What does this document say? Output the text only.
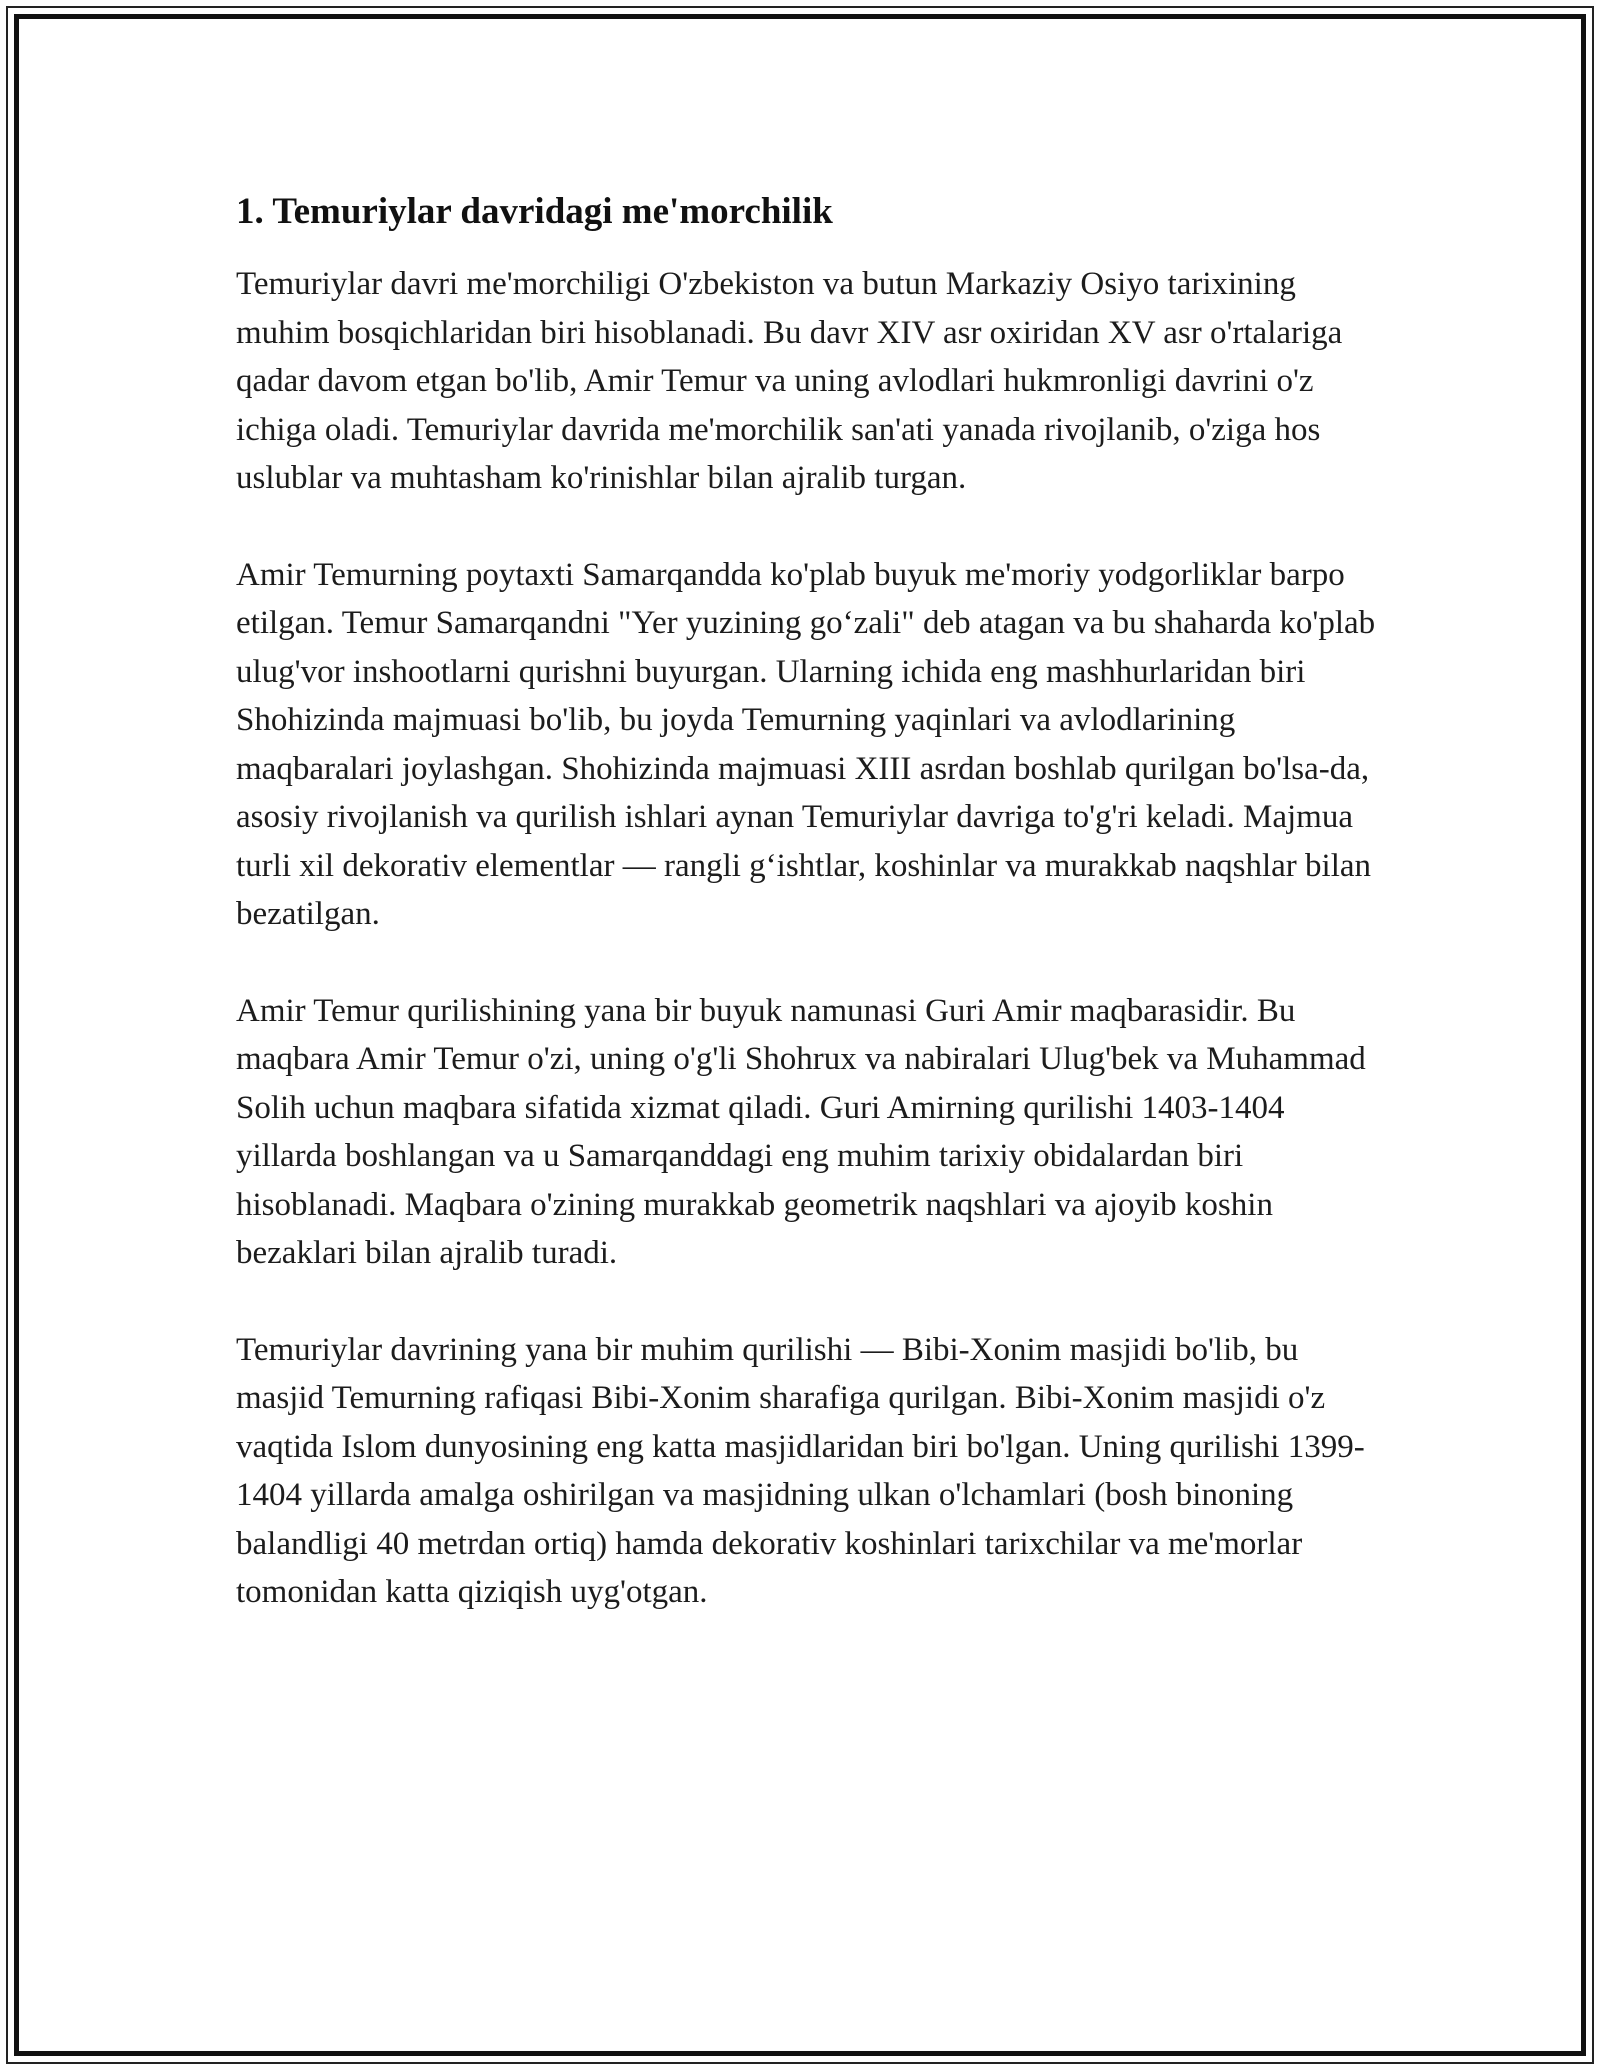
1. Temuriylar davridagi me'morchilik

Temuriylar davri me'morchiligi O'zbekiston va butun Markaziy Osiyo tarixining muhim bosqichlaridan biri hisoblanadi. Bu davr XIV asr oxiridan XV asr o'rtalariga qadar davom etgan bo'lib, Amir Temur va uning avlodlari hukmronligi davrini o'z ichiga oladi. Temuriylar davrida me'morchilik san'ati yanada rivojlanib, o'ziga hos uslublar va muhtasham ko'rinishlar bilan ajralib turgan.

Amir Temurning poytaxti Samarqandda ko'plab buyuk me'moriy yodgorliklar barpo etilgan. Temur Samarqandni "Yer yuzining go‘zali" deb atagan va bu shaharda ko'plab ulug'vor inshootlarni qurishni buyurgan. Ularning ichida eng mashhurlaridan biri Shohizinda majmuasi bo'lib, bu joyda Temurning yaqinlari va avlodlarining maqbaralari joylashgan. Shohizinda majmuasi XIII asrdan boshlab qurilgan bo'lsa-da, asosiy rivojlanish va qurilish ishlari aynan Temuriylar davriga to'g'ri keladi. Majmua turli xil dekorativ elementlar — rangli g‘ishtlar, koshinlar va murakkab naqshlar bilan bezatilgan.

Amir Temur qurilishining yana bir buyuk namunasi Guri Amir maqbarasidir. Bu maqbara Amir Temur o'zi, uning o'g'li Shohrux va nabiralari Ulug'bek va Muhammad Solih uchun maqbara sifatida xizmat qiladi. Guri Amirning qurilishi 1403-1404 yillarda boshlangan va u Samarqanddagi eng muhim tarixiy obidalardan biri hisoblanadi. Maqbara o'zining murakkab geometrik naqshlari va ajoyib koshin bezaklari bilan ajralib turadi.

Temuriylar davrining yana bir muhim qurilishi — Bibi-Xonim masjidi bo'lib, bu masjid Temurning rafiqasi Bibi-Xonim sharafiga qurilgan. Bibi-Xonim masjidi o'z vaqtida Islom dunyosining eng katta masjidlaridan biri bo'lgan. Uning qurilishi 1399-1404 yillarda amalga oshirilgan va masjidning ulkan o'lchamlari (bosh binoning balandligi 40 metrdan ortiq) hamda dekorativ koshinlari tarixchilar va me'morlar tomonidan katta qiziqish uyg'otgan.
